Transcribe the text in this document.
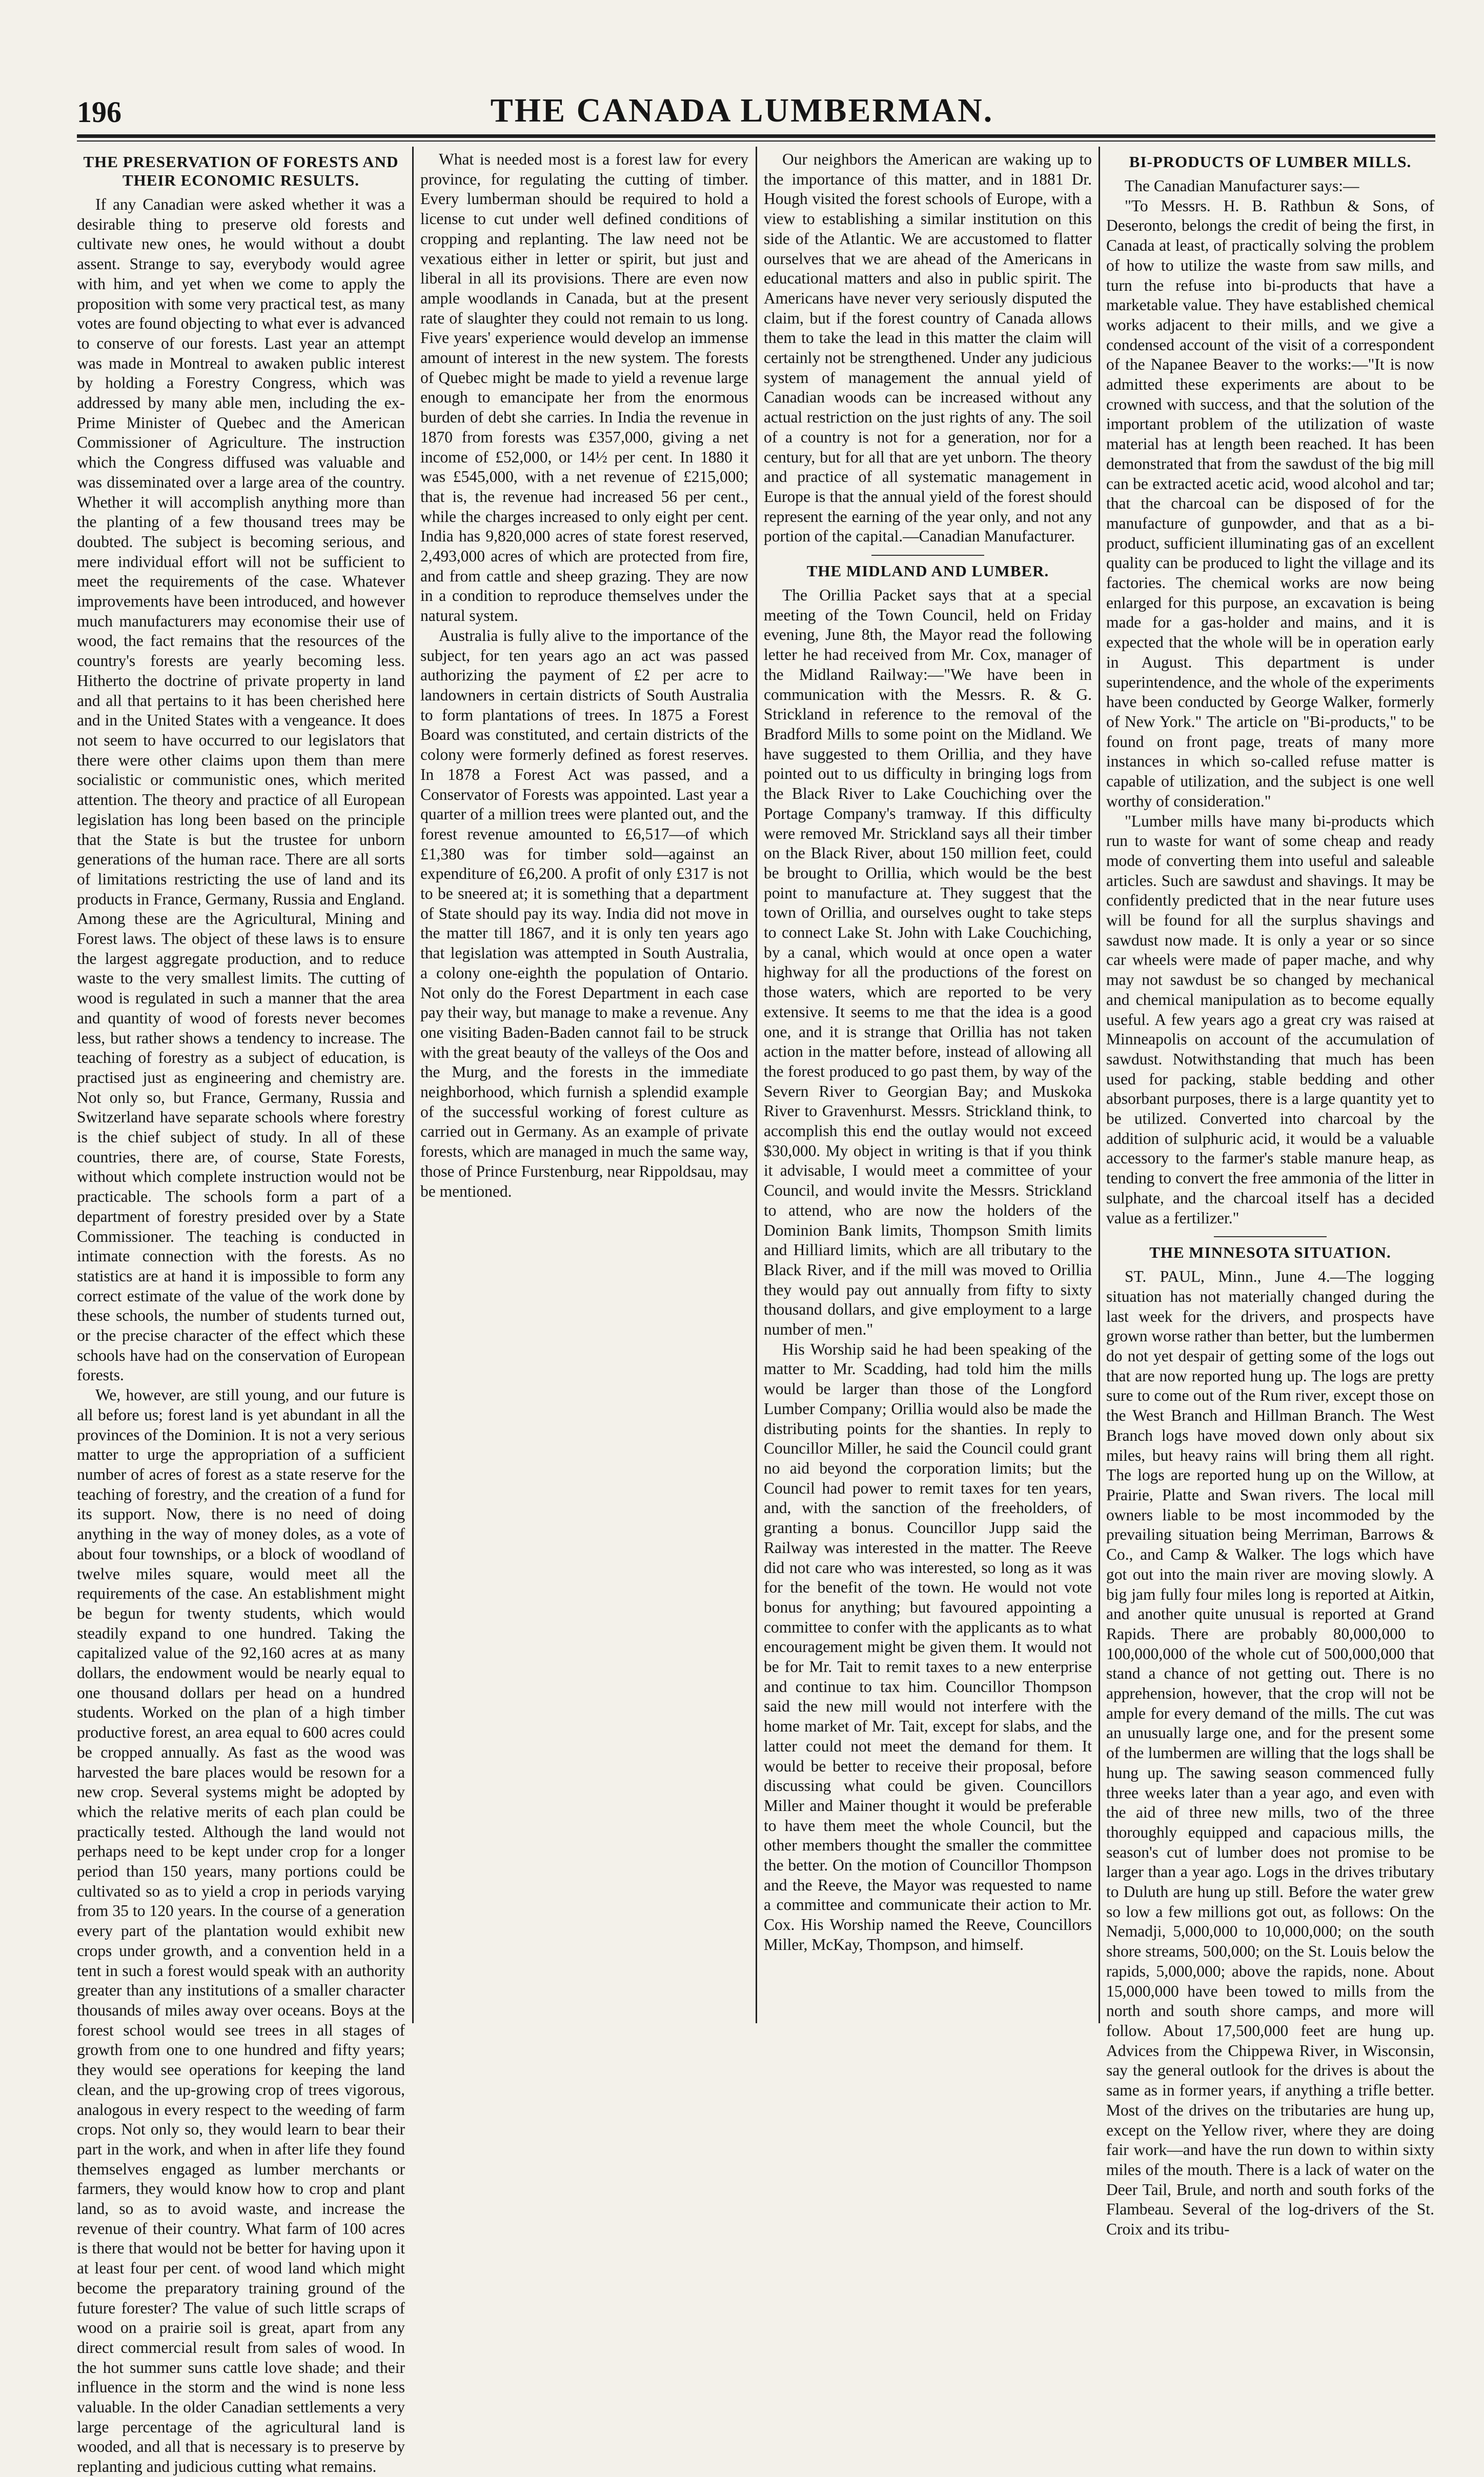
196	THE CANADA LUMBERMAN.
THE PRESERVATION OF FORESTS AND THEIR ECONOMIC RESULTS.

If any Canadian were asked whether it was a desirable thing to preserve old forests and cultivate new ones, he would without a doubt assent. Strange to say, everybody would agree with him, and yet when we come to apply the proposition with some very practical test, as many votes are found objecting to what ever is advanced to conserve of our forests. Last year an attempt was made in Montreal to awaken public interest by holding a Forestry Congress, which was addressed by many able men, including the ex-Prime Minister of Quebec and the American Commissioner of Agriculture. The instruction which the Congress diffused was valuable and was disseminated over a large area of the country. Whether it will accomplish anything more than the planting of a few thousand trees may be doubted. The subject is becoming serious, and mere individual effort will not be sufficient to meet the requirements of the case. Whatever improvements have been introduced, and however much manufacturers may economise their use of wood, the fact remains that the resources of the country's forests are yearly becoming less. Hitherto the doctrine of private property in land and all that pertains to it has been cherished here and in the United States with a vengeance. It does not seem to have occurred to our legislators that there were other claims upon them than mere socialistic or communistic ones, which merited attention. The theory and practice of all European legislation has long been based on the principle that the State is but the trustee for unborn generations of the human race. There are all sorts of limitations restricting the use of land and its products in France, Germany, Russia and England. Among these are the Agricultural, Mining and Forest laws. The object of these laws is to ensure the largest aggregate production, and to reduce waste to the very smallest limits. The cutting of wood is regulated in such a manner that the area and quantity of wood of forests never becomes less, but rather shows a tendency to increase. The teaching of forestry as a subject of education, is practised just as engineering and chemistry are. Not only so, but France, Germany, Russia and Switzerland have separate schools where forestry is the chief subject of study. In all of these countries, there are, of course, State Forests, without which complete instruction would not be practicable. The schools form a part of a department of forestry presided over by a State Commissioner. The teaching is conducted in intimate connection with the forests. As no statistics are at hand it is impossible to form any correct estimate of the value of the work done by these schools, the number of students turned out, or the precise character of the effect which these schools have had on the conservation of European forests.

We, however, are still young, and our future is all before us; forest land is yet abundant in all the provinces of the Dominion. It is not a very serious matter to urge the appropriation of a sufficient number of acres of forest as a state reserve for the teaching of forestry, and the creation of a fund for its support. Now, there is no need of doing anything in the way of money doles, as a vote of about four townships, or a block of woodland of twelve miles square, would meet all the requirements of the case. An establishment might be begun for twenty students, which would steadily expand to one hundred. Taking the capitalized value of the 92,160 acres at as many dollars, the endowment would be nearly equal to one thousand dollars per head on a hundred students. Worked on the plan of a high timber productive forest, an area equal to 600 acres could be cropped annually. As fast as the wood was harvested the bare places would be resown for a new crop. Several systems might be adopted by which the relative merits of each plan could be practically tested. Although the land would not perhaps need to be kept under crop for a longer period than 150 years, many portions could be cultivated so as to yield a crop in periods varying from 35 to 120 years. In the course of a generation every part of the plantation would exhibit new crops under growth, and a convention held in a tent in such a forest would speak with an authority greater than any institutions of a smaller character thousands of miles away over oceans. Boys at the forest school would see trees in all stages of growth from one to one hundred and fifty years; they would see operations for keeping the land clean, and the up-growing crop of trees vigorous, analogous in every respect to the weeding of farm crops. Not only so, they would learn to bear their part in the work, and when in after life they found themselves engaged as lumber merchants or farmers, they would know how to crop and plant land, so as to avoid waste, and increase the revenue of their country. What farm of 100 acres is there that would not be better for having upon it at least four per cent. of wood land which might become the preparatory training ground of the future forester? The value of such little scraps of wood on a prairie soil is great, apart from any direct commercial result from sales of wood. In the hot summer suns cattle love shade; and their influence in the storm and the wind is none less valuable. In the older Canadian settlements a very large percentage of the agricultural land is wooded, and all that is necessary is to preserve by replanting and judicious cutting what remains.

What is needed most is a forest law for every province, for regulating the cutting of timber. Every lumberman should be required to hold a license to cut under well defined conditions of cropping and replanting. The law need not be vexatious either in letter or spirit, but just and liberal in all its provisions. There are even now ample woodlands in Canada, but at the present rate of slaughter they could not remain to us long. Five years' experience would develop an immense amount of interest in the new system. The forests of Quebec might be made to yield a revenue large enough to emancipate her from the enormous burden of debt she carries. In India the revenue in 1870 from forests was £357,000, giving a net income of £52,000, or 14½ per cent. In 1880 it was £545,000, with a net revenue of £215,000; that is, the revenue had increased 56 per cent., while the charges increased to only eight per cent. India has 9,820,000 acres of state forest reserved, 2,493,000 acres of which are protected from fire, and from cattle and sheep grazing. They are now in a condition to reproduce themselves under the natural system.

Australia is fully alive to the importance of the subject, for ten years ago an act was passed authorizing the payment of £2 per acre to landowners in certain districts of South Australia to form plantations of trees. In 1875 a Forest Board was constituted, and certain districts of the colony were formerly defined as forest reserves. In 1878 a Forest Act was passed, and a Conservator of Forests was appointed. Last year a quarter of a million trees were planted out, and the forest revenue amounted to £6,517—of which £1,380 was for timber sold—against an expenditure of £6,200. A profit of only £317 is not to be sneered at; it is something that a department of State should pay its way. India did not move in the matter till 1867, and it is only ten years ago that legislation was attempted in South Australia, a colony one-eighth the population of Ontario. Not only do the Forest Department in each case pay their way, but manage to make a revenue. Any one visiting Baden-Baden cannot fail to be struck with the great beauty of the valleys of the Oos and the Murg, and the forests in the immediate neighborhood, which furnish a splendid example of the successful working of forest culture as carried out in Germany. As an example of private forests, which are managed in much the same way, those of Prince Furstenburg, near Rippoldsau, may be mentioned.

Our neighbors the American are waking up to the importance of this matter, and in 1881 Dr. Hough visited the forest schools of Europe, with a view to establishing a similar institution on this side of the Atlantic. We are accustomed to flatter ourselves that we are ahead of the Americans in educational matters and also in public spirit. The Americans have never very seriously disputed the claim, but if the forest country of Canada allows them to take the lead in this matter the claim will certainly not be strengthened. Under any judicious system of management the annual yield of Canadian woods can be increased without any actual restriction on the just rights of any. The soil of a country is not for a generation, nor for a century, but for all that are yet unborn. The theory and practice of all systematic management in Europe is that the annual yield of the forest should represent the earning of the year only, and not any portion of the capital.—Canadian Manufacturer.

THE MIDLAND AND LUMBER.

The Orillia Packet says that at a special meeting of the Town Council, held on Friday evening, June 8th, the Mayor read the following letter he had received from Mr. Cox, manager of the Midland Railway:—"We have been in communication with the Messrs. R. & G. Strickland in reference to the removal of the Bradford Mills to some point on the Midland. We have suggested to them Orillia, and they have pointed out to us difficulty in bringing logs from the Black River to Lake Couchiching over the Portage Company's tramway. If this difficulty were removed Mr. Strickland says all their timber on the Black River, about 150 million feet, could be brought to Orillia, which would be the best point to manufacture at. They suggest that the town of Orillia, and ourselves ought to take steps to connect Lake St. John with Lake Couchiching, by a canal, which would at once open a water highway for all the productions of the forest on those waters, which are reported to be very extensive. It seems to me that the idea is a good one, and it is strange that Orillia has not taken action in the matter before, instead of allowing all the forest produced to go past them, by way of the Severn River to Georgian Bay; and Muskoka River to Gravenhurst. Messrs. Strickland think, to accomplish this end the outlay would not exceed $30,000. My object in writing is that if you think it advisable, I would meet a committee of your Council, and would invite the Messrs. Strickland to attend, who are now the holders of the Dominion Bank limits, Thompson Smith limits and Hilliard limits, which are all tributary to the Black River, and if the mill was moved to Orillia they would pay out annually from fifty to sixty thousand dollars, and give employment to a large number of men."

His Worship said he had been speaking of the matter to Mr. Scadding, had told him the mills would be larger than those of the Longford Lumber Company; Orillia would also be made the distributing points for the shanties. In reply to Councillor Miller, he said the Council could grant no aid beyond the corporation limits; but the Council had power to remit taxes for ten years, and, with the sanction of the freeholders, of granting a bonus. Councillor Jupp said the Railway was interested in the matter. The Reeve did not care who was interested, so long as it was for the benefit of the town. He would not vote bonus for anything; but favoured appointing a committee to confer with the applicants as to what encouragement might be given them. It would not be for Mr. Tait to remit taxes to a new enterprise and continue to tax him. Councillor Thompson said the new mill would not interfere with the home market of Mr. Tait, except for slabs, and the latter could not meet the demand for them. It would be better to receive their proposal, before discussing what could be given. Councillors Miller and Mainer thought it would be preferable to have them meet the whole Council, but the other members thought the smaller the committee the better. On the motion of Councillor Thompson and the Reeve, the Mayor was requested to name a committee and communicate their action to Mr. Cox. His Worship named the Reeve, Councillors Miller, McKay, Thompson, and himself.

BI-PRODUCTS OF LUMBER MILLS.

The Canadian Manufacturer says:—

"To Messrs. H. B. Rathbun & Sons, of Deseronto, belongs the credit of being the first, in Canada at least, of practically solving the problem of how to utilize the waste from saw mills, and turn the refuse into bi-products that have a marketable value. They have established chemical works adjacent to their mills, and we give a condensed account of the visit of a correspondent of the Napanee Beaver to the works:—"It is now admitted these experiments are about to be crowned with success, and that the solution of the important problem of the utilization of waste material has at length been reached. It has been demonstrated that from the sawdust of the big mill can be extracted acetic acid, wood alcohol and tar; that the charcoal can be disposed of for the manufacture of gunpowder, and that as a bi-product, sufficient illuminating gas of an excellent quality can be produced to light the village and its factories. The chemical works are now being enlarged for this purpose, an excavation is being made for a gas-holder and mains, and it is expected that the whole will be in operation early in August. This department is under superintendence, and the whole of the experiments have been conducted by George Walker, formerly of New York." The article on "Bi-products," to be found on front page, treats of many more instances in which so-called refuse matter is capable of utilization, and the subject is one well worthy of consideration."

"Lumber mills have many bi-products which run to waste for want of some cheap and ready mode of converting them into useful and saleable articles. Such are sawdust and shavings. It may be confidently predicted that in the near future uses will be found for all the surplus shavings and sawdust now made. It is only a year or so since car wheels were made of paper mache, and why may not sawdust be so changed by mechanical and chemical manipulation as to become equally useful. A few years ago a great cry was raised at Minneapolis on account of the accumulation of sawdust. Notwithstanding that much has been used for packing, stable bedding and other absorbant purposes, there is a large quantity yet to be utilized. Converted into charcoal by the addition of sulphuric acid, it would be a valuable accessory to the farmer's stable manure heap, as tending to convert the free ammonia of the litter in sulphate, and the charcoal itself has a decided value as a fertilizer."

THE MINNESOTA SITUATION.

ST. PAUL, Minn., June 4.—The logging situation has not materially changed during the last week for the drivers, and prospects have grown worse rather than better, but the lumbermen do not yet despair of getting some of the logs out that are now reported hung up. The logs are pretty sure to come out of the Rum river, except those on the West Branch and Hillman Branch. The West Branch logs have moved down only about six miles, but heavy rains will bring them all right. The logs are reported hung up on the Willow, at Prairie, Platte and Swan rivers. The local mill owners liable to be most incommoded by the prevailing situation being Merriman, Barrows & Co., and Camp & Walker. The logs which have got out into the main river are moving slowly. A big jam fully four miles long is reported at Aitkin, and another quite unusual is reported at Grand Rapids. There are probably 80,000,000 to 100,000,000 of the whole cut of 500,000,000 that stand a chance of not getting out. There is no apprehension, however, that the crop will not be ample for every demand of the mills. The cut was an unusually large one, and for the present some of the lumbermen are willing that the logs shall be hung up. The sawing season commenced fully three weeks later than a year ago, and even with the aid of three new mills, two of the three thoroughly equipped and capacious mills, the season's cut of lumber does not promise to be larger than a year ago. Logs in the drives tributary to Duluth are hung up still. Before the water grew so low a few millions got out, as follows: On the Nemadji, 5,000,000 to 10,000,000; on the south shore streams, 500,000; on the St. Louis below the rapids, 5,000,000; above the rapids, none. About 15,000,000 have been towed to mills from the north and south shore camps, and more will follow. About 17,500,000 feet are hung up. Advices from the Chippewa River, in Wisconsin, say the general outlook for the drives is about the same as in former years, if anything a trifle better. Most of the drives on the tributaries are hung up, except on the Yellow river, where they are doing fair work—and have the run down to within sixty miles of the mouth. There is a lack of water on the Deer Tail, Brule, and north and south forks of the Flambeau. Several of the log-drivers of the St. Croix and its tribu-
